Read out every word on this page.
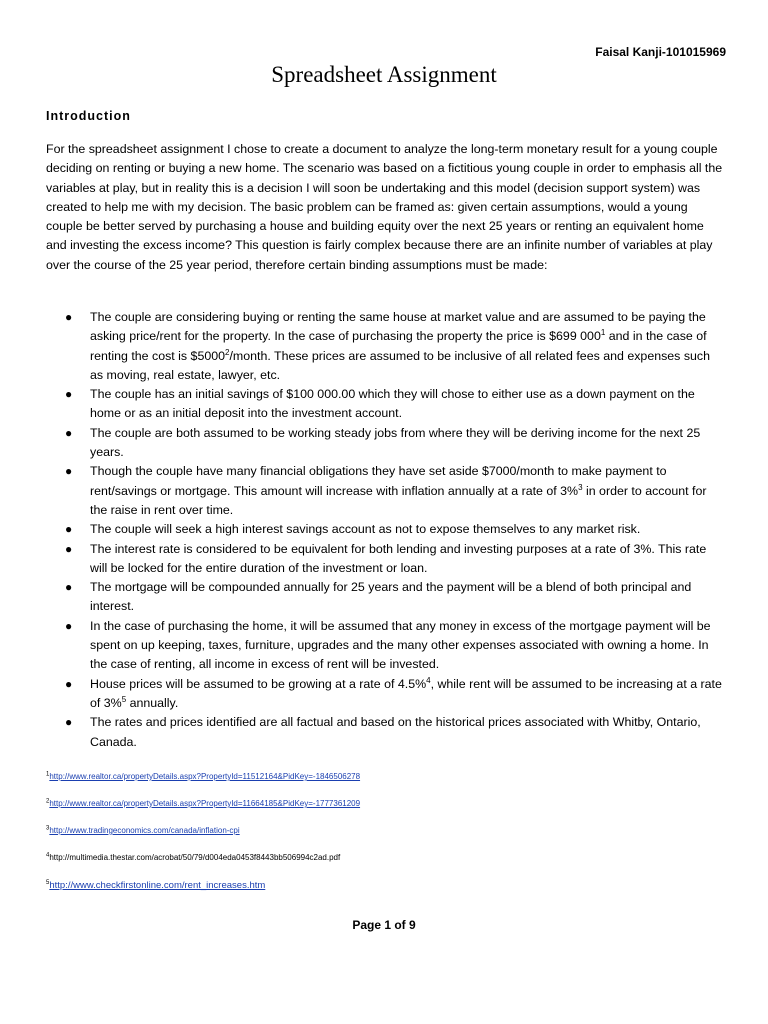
Faisal Kanji-101015969
Spreadsheet Assignment
Introduction
For the spreadsheet assignment I chose to create a document to analyze the long-term monetary result for a young couple deciding on renting or buying a new home. The scenario was based on a fictitious young couple in order to emphasis all the variables at play, but in reality this is a decision I will soon be undertaking and this model (decision support system) was created to help me with my decision. The basic problem can be framed as: given certain assumptions, would a young couple be better served by purchasing a house and building equity over the next 25 years or renting an equivalent home and investing the excess income? This question is fairly complex because there are an infinite number of variables at play over the course of the 25 year period, therefore certain binding assumptions must be made:
● The couple are considering buying or renting the same house at market value and are assumed to be paying the asking price/rent for the property. In the case of purchasing the property the price is $699 $000^1$ and in the case of renting the cost is $5000$^2$/month. These prices are assumed to be inclusive of all related fees and expenses such as moving, real estate, lawyer, etc.
● The couple has an initial savings of $100 000.00 which they will chose to either use as a down payment on the home or as an initial deposit into the investment account.
● The couple are both assumed to be working steady jobs from where they will be deriving income for the next 25 years.
● Though the couple have many financial obligations they have set aside $7000/month to make payment to rent/savings or mortgage. This amount will increase with inflation annually at a rate of 3%$^3$ in order to account for the raise in rent over time.
● The couple will seek a high interest savings account as not to expose themselves to any market risk.
● The interest rate is considered to be equivalent for both lending and investing purposes at a rate of 3%. This rate will be locked for the entire duration of the investment or loan.
● The mortgage will be compounded annually for 25 years and the payment will be a blend of both principal and interest.
● In the case of purchasing the home, it will be assumed that any money in excess of the mortgage payment will be spent on up keeping, taxes, furniture, upgrades and the many other expenses associated with owning a home. In the case of renting, all income in excess of rent will be invested.
● House prices will be assumed to be growing at a rate of 4.5%$^4$, while rent will be assumed to be increasing at a rate of 3%$^5$ annually.
● The rates and prices identified are all factual and based on the historical prices associated with Whitby, Ontario, Canada.
$^1$http://www.realtor.ca/propertyDetails.aspx?PropertyId=11512164&PidKey=-1846506278
$^2$http://www.realtor.ca/propertyDetails.aspx?PropertyId=11664185&PidKey=-1777361209
$^3$http://www.tradingeconomics.com/canada/inflation-cpi
$^4$http://multimedia.thestar.com/acrobat/50/79/d004eda0453f8443bb506994c2ad.pdf
$^5$http://www.checkfirstonline.com/rent_increases.htm
Page 1 of 9
